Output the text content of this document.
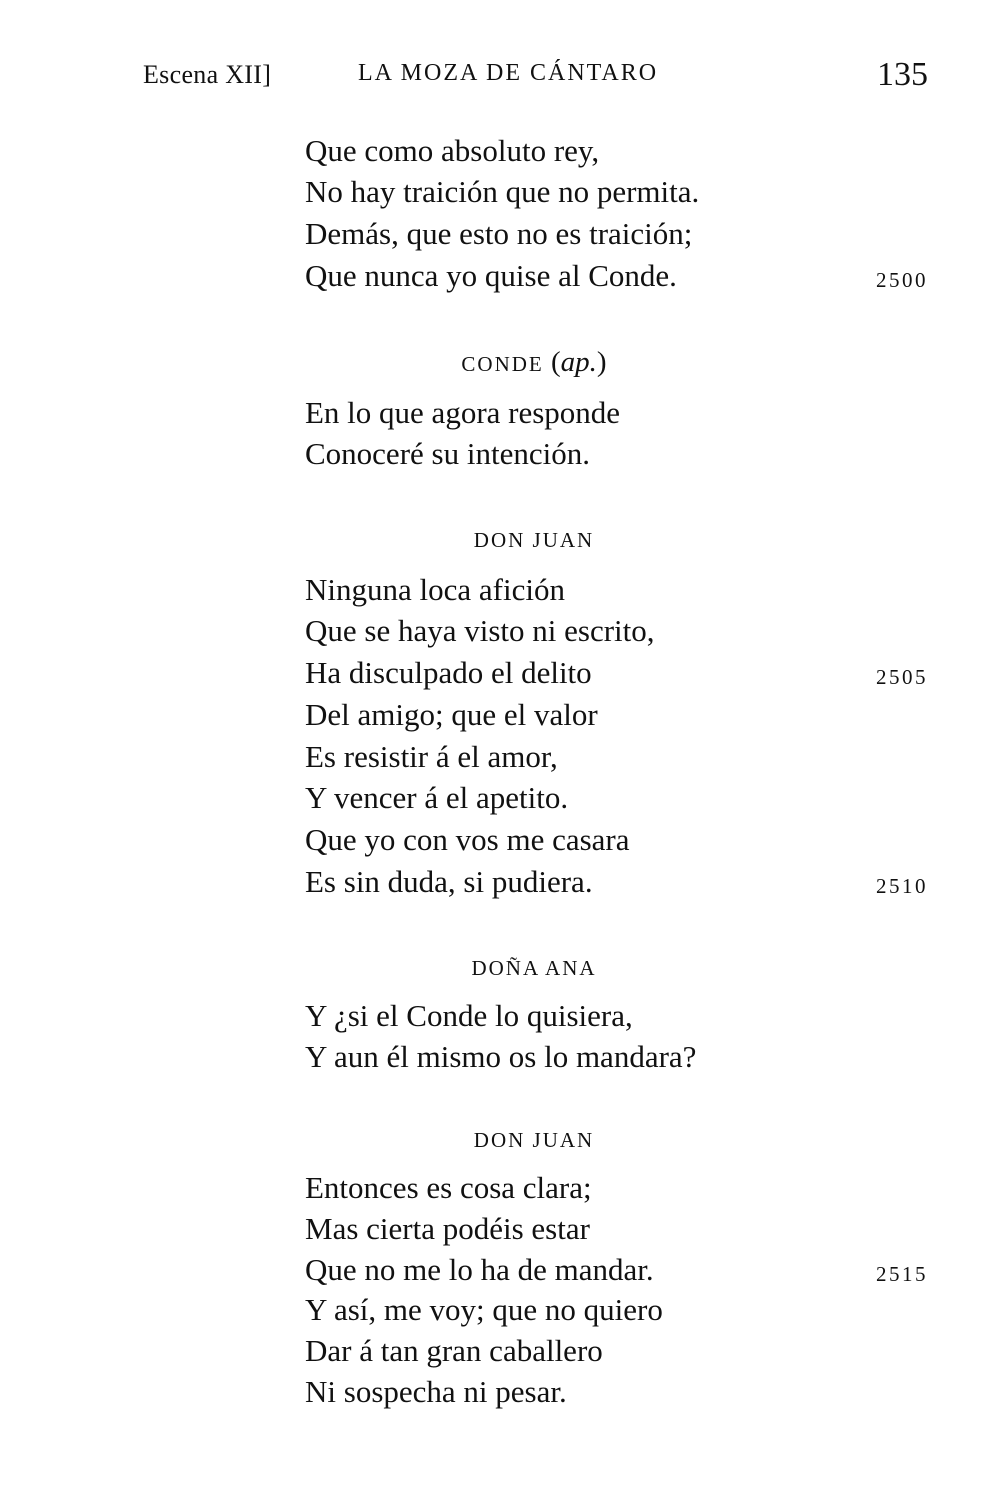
Escena XII]	LA MOZA DE CÁNTARO	135
Que como absoluto rey,
No hay traición que no permita.
Demás, que esto no es traición;
Que nunca yo quise al Conde.	2500
CONDE (ap.)
En lo que agora responde
Conoceré su intención.
DON JUAN
Ninguna loca afición
Que se haya visto ni escrito,
Ha disculpado el delito	2505
Del amigo; que el valor
Es resistir á el amor,
Y vencer á el apetito.
Que yo con vos me casara
Es sin duda, si pudiera.	2510
DOÑA ANA
Y ¿si el Conde lo quisiera,
Y aun él mismo os lo mandara?
DON JUAN
Entonces es cosa clara;
Mas cierta podéis estar
Que no me lo ha de mandar.	2515
Y así, me voy; que no quiero
Dar á tan gran caballero
Ni sospecha ni pesar.
